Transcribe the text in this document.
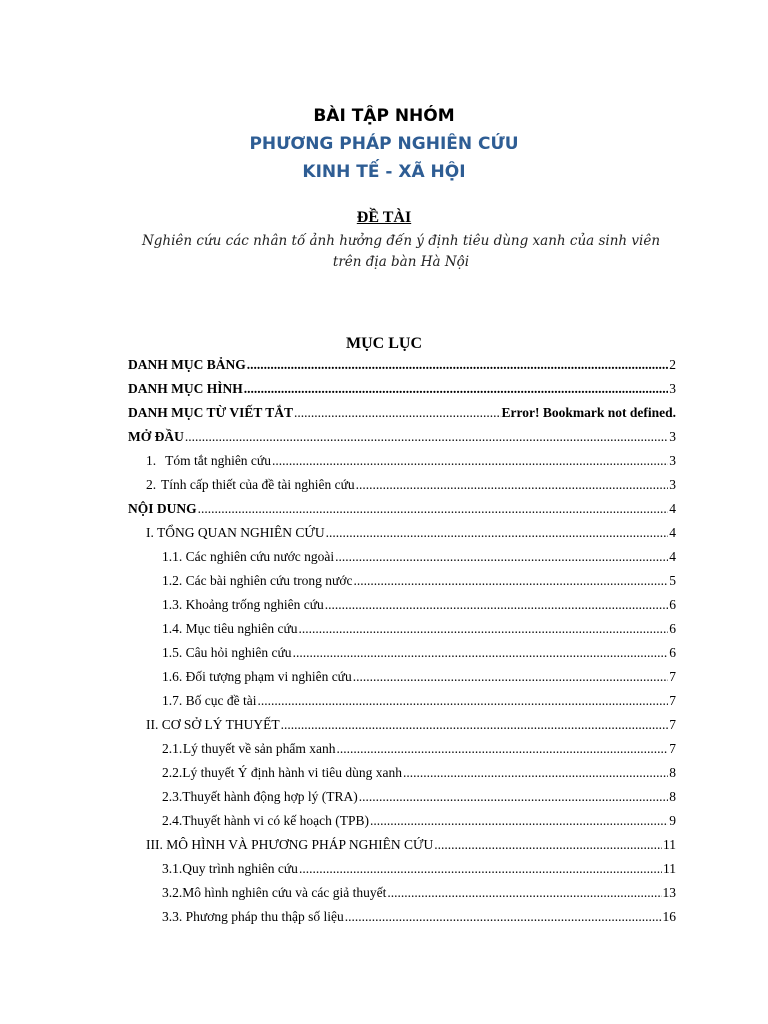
BÀI TẬP NHÓM
PHƯƠNG PHÁP NGHIÊN CỨU
KINH TẾ - XÃ HỘI
ĐỀ TÀI
Nghiên cứu các nhân tố ảnh hưởng đến ý định tiêu dùng xanh của sinh viên trên địa bàn Hà Nội
MỤC LỤC
DANH MỤC BẢNG .....	2
DANH MỤC HÌNH .....	3
DANH MỤC TỪ VIẾT TẮT .....	Error! Bookmark not defined.
MỞ ĐẦU .....	3
1. Tóm tắt nghiên cứu .....	3
2. Tính cấp thiết của đề tài nghiên cứu .....	3
NỘI DUNG .....	4
I. TỔNG QUAN NGHIÊN CỨU .....	4
1.1. Các nghiên cứu nước ngoài .....	4
1.2. Các bài nghiên cứu trong nước .....	5
1.3. Khoảng trống nghiên cứu .....	6
1.4. Mục tiêu nghiên cứu .....	6
1.5. Câu hỏi nghiên cứu .....	6
1.6. Đối tượng phạm vi nghiên cứu .....	7
1.7. Bố cục đề tài .....	7
II. CƠ SỞ LÝ THUYẾT .....	7
2.1. Lý thuyết về sản phẩm xanh .....	7
2.2. Lý thuyết Ý định hành vi tiêu dùng xanh .....	8
2.3. Thuyết hành động hợp lý (TRA) .....	8
2.4. Thuyết hành vi có kế hoạch (TPB) .....	9
III. MÔ HÌNH VÀ PHƯƠNG PHÁP NGHIÊN CỨU .....	11
3.1. Quy trình nghiên cứu .....	11
3.2. Mô hình nghiên cứu và các giả thuyết .....	13
3.3. Phương pháp thu thập số liệu .....	16
